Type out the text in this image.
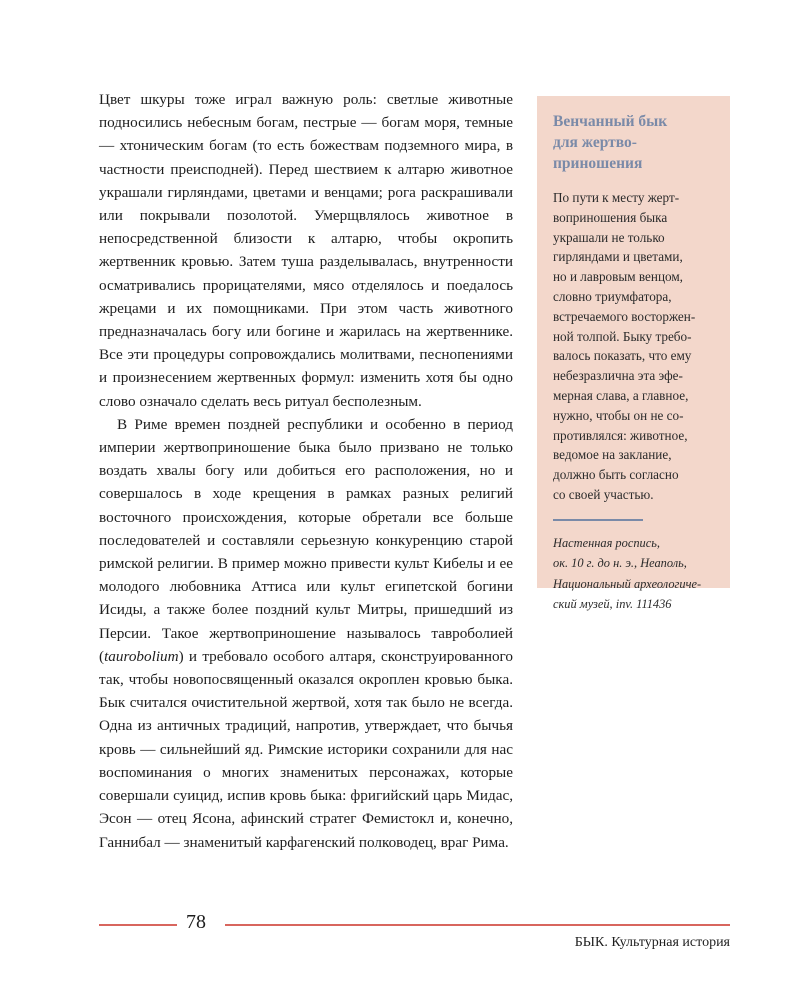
Цвет шкуры тоже играл важную роль: светлые животные подносились небесным богам, пестрые — богам моря, темные — хтоническим богам (то есть божествам подземного мира, в частности преисподней). Перед шествием к алтарю животное украшали гирляндами, цветами и венцами; рога раскрашивали или покрывали позолотой. Умерщвлялось животное в непосредственной близости к алтарю, чтобы окропить жертвенник кровью. Затем туша разделывалась, внутренности осматривались прорицателями, мясо отделялось и поедалось жрецами и их помощниками. При этом часть животного предназначалась богу или богине и жарилась на жертвеннике. Все эти процедуры сопровождались молитвами, песнопениями и произнесением жертвенных формул: изменить хотя бы одно слово означало сделать весь ритуал бесполезным.

В Риме времен поздней республики и особенно в период империи жертвоприношение быка было призвано не только воздать хвалы богу или добиться его расположения, но и совершалось в ходе крещения в рамках разных религий восточного происхождения, которые обретали все больше последователей и составляли серьезную конкуренцию старой римской религии. В пример можно привести культ Кибелы и ее молодого любовника Аттиса или культ египетской богини Исиды, а также более поздний культ Митры, пришедший из Персии. Такое жертвоприношение называлось тавроболией (taurobolium) и требовало особого алтаря, сконструированного так, чтобы новопосвященный оказался окроплен кровью быка. Бык считался очистительной жертвой, хотя так было не всегда. Одна из античных традиций, напротив, утверждает, что бычья кровь — сильнейший яд. Римские историки сохранили для нас воспоминания о многих знаменитых персонажах, которые совершали суицид, испив кровь быка: фригийский царь Мидас, Эсон — отец Ясона, афинский стратег Фемистокл и, конечно, Ганнибал — знаменитый карфагенский полководец, враг Рима.

Венчанный бык
для жертво-
приношения

По пути к месту жерт-
воприношения быка
украшали не только
гирляндами и цветами,
но и лавровым венцом,
словно триумфатора,
встречаемого восторжен-
ной толпой. Быку требо-
валось показать, что ему
небезразлична эта эфе-
мерная слава, а главное,
нужно, чтобы он не со-
противлялся: животное,
ведомое на заклание,
должно быть согласно
со своей участью.

Настенная роспись,
ок. 10 г. до н. э., Неаполь,
Национальный археологиче-
ский музей, inv. 111436

78
БЫК. Культурная история
